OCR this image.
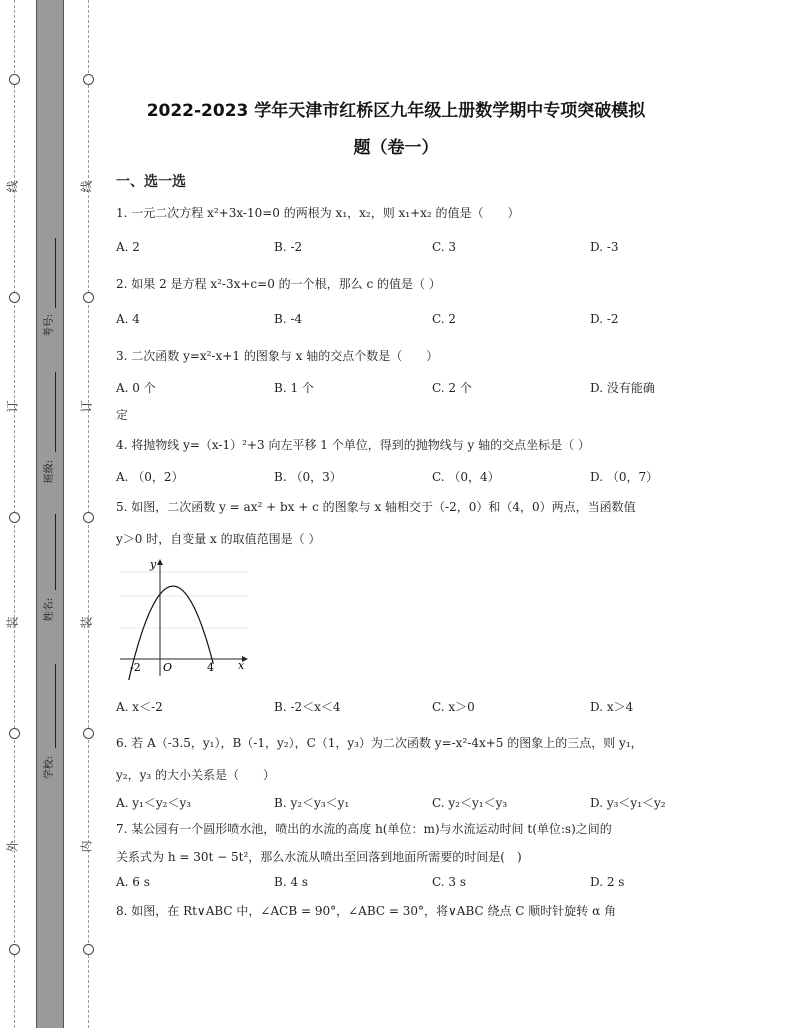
线
订
装
外
线
订
装
内
考号:
班级:
姓名:
学校:
2022-2023 学年天津市红桥区九年级上册数学期中专项突破模拟
题（卷一）
一、选一选
1. 一元二次方程 x²+3x-10=0 的两根为 x₁，x₂，则 x₁+x₂ 的值是（　　）
A. 2	B. -2	C. 3	D. -3
2. 如果 2 是方程 x²-3x+c=0 的一个根，那么 c 的值是（ ）
A. 4	B. -4	C. 2	D. -2
3. 二次函数 y=x²-x+1 的图象与 x 轴的交点个数是（　　）
A. 0 个	B. 1 个	C. 2 个	D. 没有能确
定
4. 将抛物线 y=（x-1）²+3 向左平移 1 个单位，得到的抛物线与 y 轴的交点坐标是（ ）
A. （0，2）	B. （0，3）	C. （0，4）	D. （0，7）
5. 如图，二次函数 y = ax² + bx + c 的图象与 x 轴相交于（-2，0）和（4，0）两点，当函数值
y＞0 时，自变量 x 的取值范围是（ ）
x
y
O
-2	4
A. x＜-2	B. -2＜x＜4	C. x＞0	D. x＞4
6. 若 A（-3.5，y₁），B（-1，y₂），C（1，y₃）为二次函数 y=-x²-4x+5 的图象上的三点，则 y₁，
y₂，y₃ 的大小关系是（　　）
A. y₁＜y₂＜y₃	B. y₂＜y₃＜y₁	C. y₂＜y₁＜y₃	D. y₃＜y₁＜y₂
7. 某公园有一个圆形喷水池，喷出的水流的高度 h(单位：m)与水流运动时间 t(单位:s)之间的
关系式为 h = 30t − 5t²，那么水流从喷出至回落到地面所需要的时间是(　)
A. 6 s	B. 4 s	C. 3 s	D. 2 s
8. 如图，在 Rt∨ABC 中，∠ACB = 90°，∠ABC = 30°，将∨ABC 绕点 C 顺时针旋转 α 角
